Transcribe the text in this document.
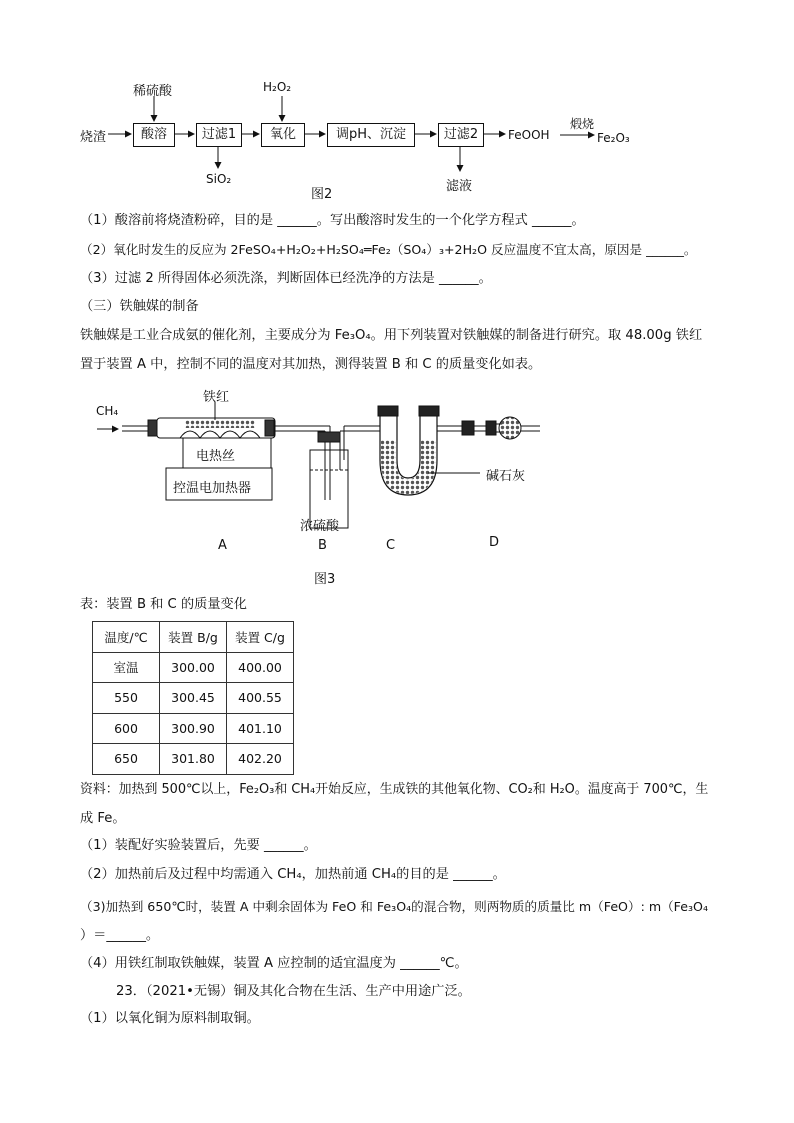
稀硫酸	H₂O₂
烧渣	酸溶	过滤1	氧化	调pH、沉淀	过滤2	FeOOH
煅烧
Fe₂O₃
SiO₂	滤液
图2
（1）酸溶前将烧渣粉碎，目的是 ______。写出酸溶时发生的一个化学方程式 ______。
（2）氧化时发生的反应为 2FeSO₄+H₂O₂+H₂SO₄═Fe₂（SO₄）₃+2H₂O 反应温度不宜太高，原因是 ______。
（3）过滤 2 所得固体必须洗涤，判断固体已经洗净的方法是 ______。
（三）铁触媒的制备
铁触媒是工业合成氨的催化剂，主要成分为 Fe₃O₄。用下列装置对铁触媒的制备进行研究。取 48.00g 铁红
置于装置 A 中，控制不同的温度对其加热，测得装置 B 和 C 的质量变化如表。
CH₄
铁红
电热丝
控温电加热器
浓硫酸
碱石灰
A	B	C	D
图3
表：装置 B 和 C 的质量变化
温度/℃	装置 B/g	装置 C/g
室温	300.00	400.00
550	300.45	400.55
600	300.90	401.10
650	301.80	402.20
资料：加热到 500℃以上，Fe₂O₃和 CH₄开始反应，生成铁的其他氧化物、CO₂和 H₂O。温度高于 700℃，生
成 Fe。
（1）装配好实验装置后，先要 ______。
（2）加热前后及过程中均需通入 CH₄，加热前通 CH₄的目的是 ______。
（3)加热到 650℃时，装置 A 中剩余固体为 FeO 和 Fe₃O₄的混合物，则两物质的质量比 m（FeO）: m（Fe₃O₄
）＝______。
（4）用铁红制取铁触媒，装置 A 应控制的适宜温度为 ______℃。
23．（2021•无锡）铜及其化合物在生活、生产中用途广泛。
（1）以氧化铜为原料制取铜。
